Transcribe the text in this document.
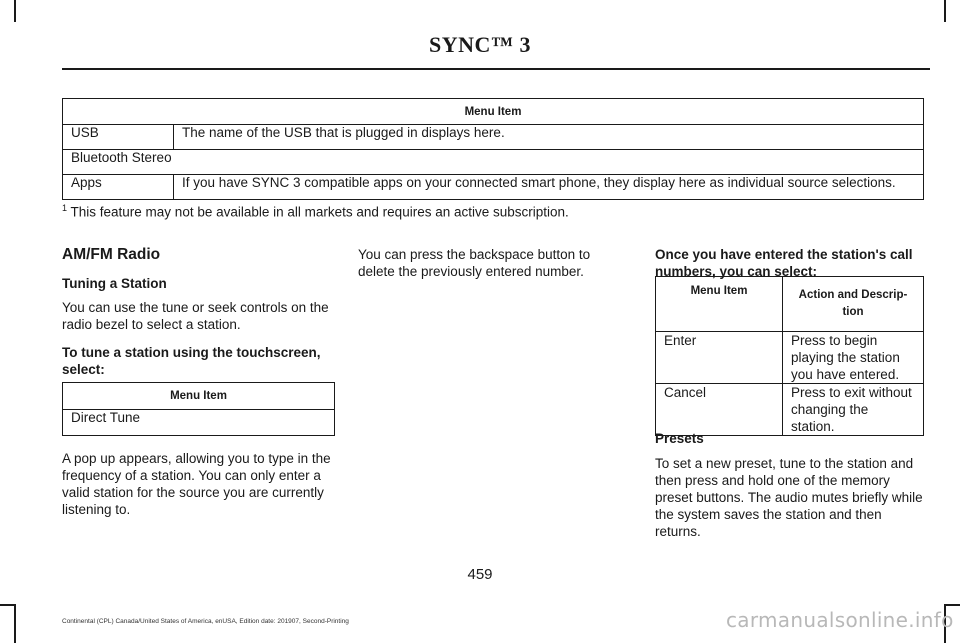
SYNC™ 3
Menu Item	
USB	The name of the USB that is plugged in displays here.
Bluetooth Stereo	
Apps	If you have SYNC 3 compatible apps on your connected smart phone, they display here as individual source selections.
$^1$ This feature may not be available in all markets and requires an active subscription.
AM/FM Radio
Tuning a Station
You can use the tune or seek controls on the radio bezel to select a station.
To tune a station using the touchscreen, select:
Menu Item
Direct Tune
A pop up appears, allowing you to type in the frequency of a station. You can only enter a valid station for the source you are currently listening to.
You can press the backspace button to delete the previously entered number.
Once you have entered the station's call numbers, you can select:
Menu Item	Action and Descrip-tion
Enter	Press to begin playing the station you have entered.
Cancel	Press to exit without changing the station.
Presets
To set a new preset, tune to the station and then press and hold one of the memory preset buttons. The audio mutes briefly while the system saves the station and then returns.
459
Continental (CPL) Canada/United States of America, enUSA, Edition date: 201907, Second-Printing	carmanualsonline.info
